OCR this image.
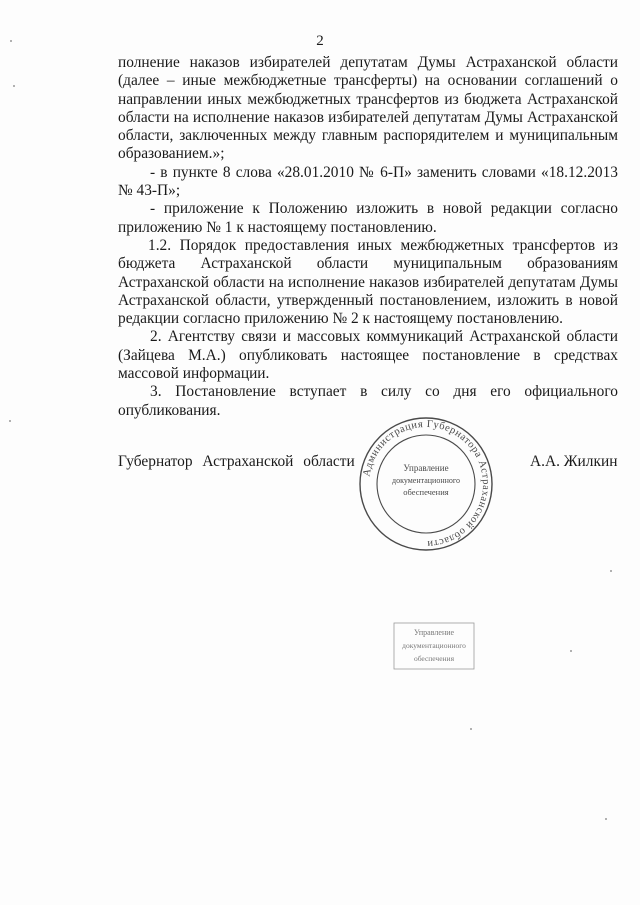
2

полнение наказов избирателей депутатам Думы Астраханской области (далее – иные межбюджетные трансферты) на основании соглашений о направлении иных межбюджетных трансфертов из бюджета Астраханской области на исполнение наказов избирателей депутатам Думы Астраханской области, заключенных между главным распорядителем и муниципальным образованием.»;

- в пункте 8 слова «28.01.2010 № 6-П» заменить словами «18.12.2013 № 43-П»;

- приложение к Положению изложить в новой редакции согласно приложению № 1 к настоящему постановлению.

1.2. Порядок предоставления иных межбюджетных трансфертов из бюджета Астраханской области муниципальным образованиям Астраханской области на исполнение наказов избирателей депутатам Думы Астраханской области, утвержденный постановлением, изложить в новой редакции согласно приложению № 2 к настоящему постановлению.

2. Агентству связи и массовых коммуникаций Астраханской области (Зайцева М.А.) опубликовать настоящее постановление в средствах массовой информации.

3. Постановление вступает в силу со дня его официального опубликования.

Губернатор Астраханской области	А.А. Жилкин
Администрация Губернатора Астраханской области
Управление
документационного
обеспечения
Управление
документационного
обеспечения
